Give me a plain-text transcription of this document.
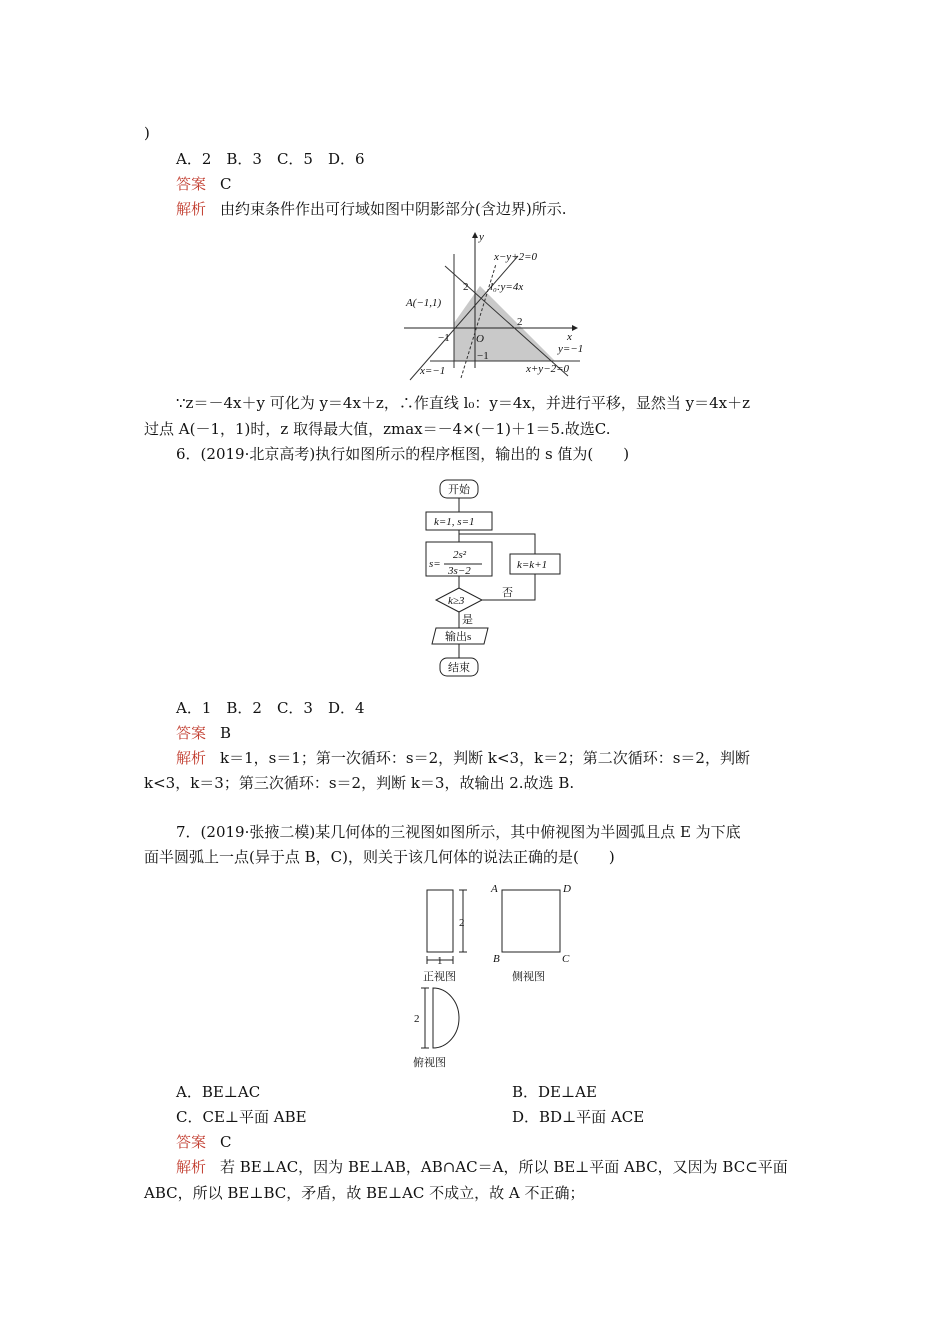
)
A．2　B．3　C．5　D．6
答案 C
解析 由约束条件作出可行域如图中阴影部分(含边界)所示.
y
x
O
x−y+2=0
l₀:y=4x
y=−1
x+y−2=0
x=−1
A(−1,1)
2
2
−1
−1
∵z＝－4x＋y 可化为 y＝4x＋z，∴作直线 l₀：y＝4x，并进行平移，显然当 y＝4x＋z
过点 A(－1，1)时，z 取得最大值，zmax＝－4×(－1)＋1＝5.故选C.
6．(2019·北京高考)执行如图所示的程序框图，输出的 s 值为(　　)
开始
k=1, s=1
s=
2s²
3s−2	k=k+1
k≥3
否
是
输出s
结束
A．1　B．2　C．3　D．4
答案 B
解析 k＝1，s＝1；第一次循环：s＝2，判断 k<3，k＝2；第二次循环：s＝2，判断
k<3，k＝3；第三次循环：s＝2，判断 k＝3，故输出 2.故选 B.
7．(2019·张掖二模)某几何体的三视图如图所示，其中俯视图为半圆弧且点 E 为下底
面半圆弧上一点(异于点 B，C)，则关于该几何体的说法正确的是(　　)
2
1
正视图
A	D
B	C
侧视图
2
俯视图
A．BE⊥AC	B．DE⊥AE
C．CE⊥平面 ABE	D．BD⊥平面 ACE
答案 C
解析 若 BE⊥AC，因为 BE⊥AB，AB∩AC＝A，所以 BE⊥平面 ABC，又因为 BC⊂平面
ABC，所以 BE⊥BC，矛盾，故 BE⊥AC 不成立，故 A 不正确；
